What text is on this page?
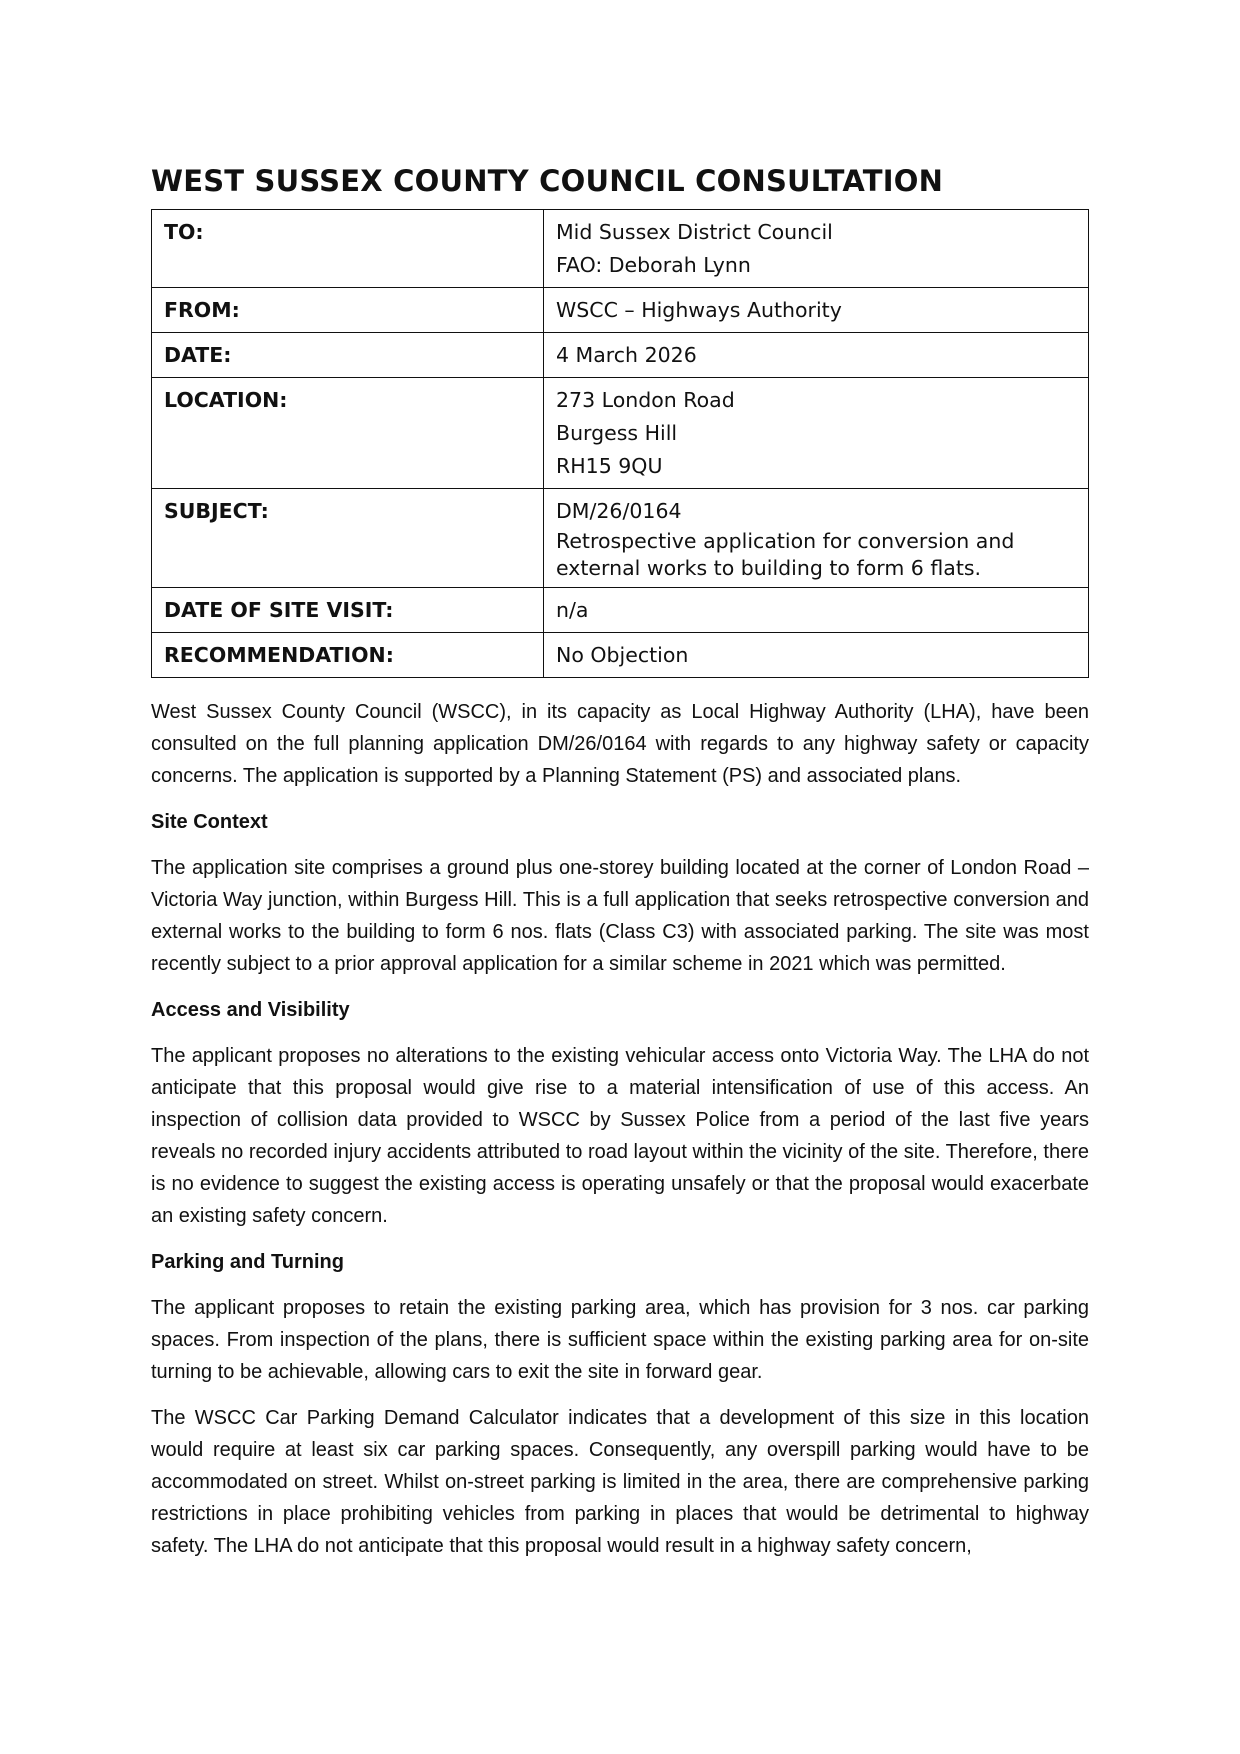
WEST SUSSEX COUNTY COUNCIL CONSULTATION
TO:	Mid Sussex District Council
FAO: Deborah Lynn

FROM:	WSCC – Highways Authority

DATE:	4 March 2026

LOCATION:	273 London Road
Burgess Hill
RH15 9QU

SUBJECT:	DM/26/0164
Retrospective application for conversion and
external works to building to form 6 flats.

DATE OF SITE VISIT:	n/a

RECOMMENDATION:	No Objection

West Sussex County Council (WSCC), in its capacity as Local Highway Authority (LHA), have been consulted on the full planning application DM/26/0164 with regards to any highway safety or capacity concerns. The application is supported by a Planning Statement (PS) and associated plans.

Site Context

The application site comprises a ground plus one-storey building located at the corner of London Road – Victoria Way junction, within Burgess Hill. This is a full application that seeks retrospective conversion and external works to the building to form 6 nos. flats (Class C3) with associated parking. The site was most recently subject to a prior approval application for a similar scheme in 2021 which was permitted.

Access and Visibility

The applicant proposes no alterations to the existing vehicular access onto Victoria Way. The LHA do not anticipate that this proposal would give rise to a material intensification of use of this access. An inspection of collision data provided to WSCC by Sussex Police from a period of the last five years reveals no recorded injury accidents attributed to road layout within the vicinity of the site. Therefore, there is no evidence to suggest the existing access is operating unsafely or that the proposal would exacerbate an existing safety concern.

Parking and Turning

The applicant proposes to retain the existing parking area, which has provision for 3 nos. car parking spaces. From inspection of the plans, there is sufficient space within the existing parking area for on-site turning to be achievable, allowing cars to exit the site in forward gear.

The WSCC Car Parking Demand Calculator indicates that a development of this size in this location would require at least six car parking spaces. Consequently, any overspill parking would have to be accommodated on street. Whilst on-street parking is limited in the area, there are comprehensive parking restrictions in place prohibiting vehicles from parking in places that would be detrimental to highway safety. The LHA do not anticipate that this proposal would result in a highway safety concern,
